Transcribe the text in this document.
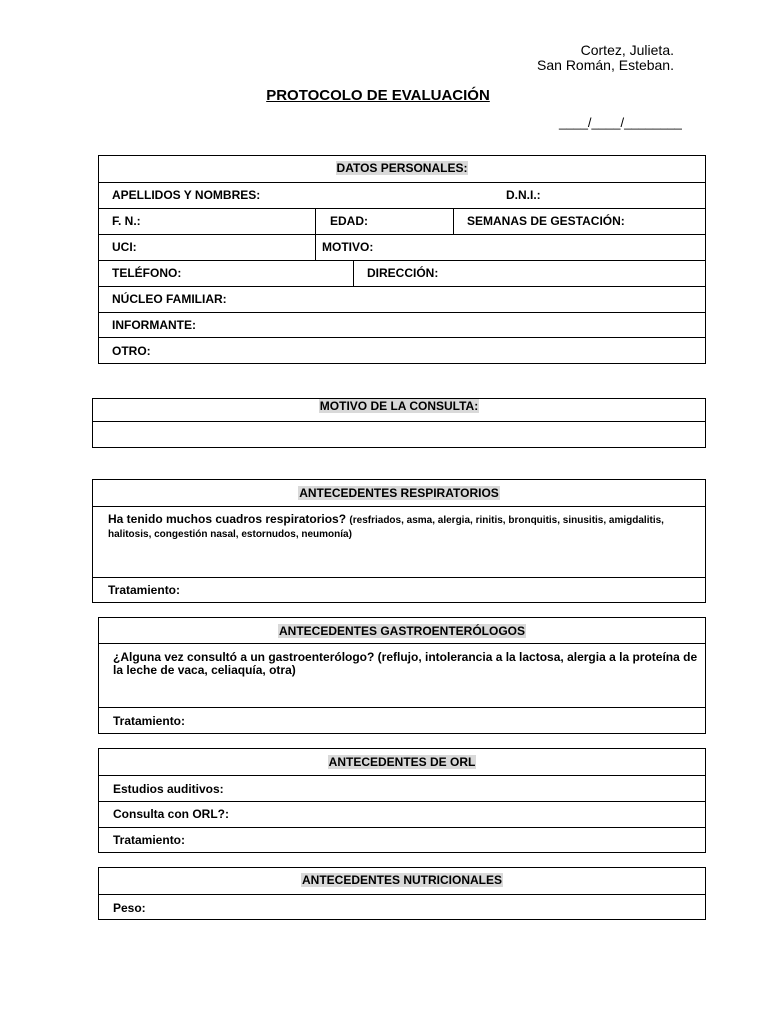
Cortez, Julieta.
San Román, Esteban.
PROTOCOLO DE EVALUACIÓN
____/____/________
DATOS PERSONALES:
APELLIDOS Y NOMBRES:	D.N.I.:
F. N.:	EDAD:	SEMANAS DE GESTACIÓN:
UCI:	MOTIVO:
TELÉFONO:	DIRECCIÓN:
NÚCLEO FAMILIAR:
INFORMANTE:
OTRO:
MOTIVO DE LA CONSULTA:
ANTECEDENTES RESPIRATORIOS
Ha tenido muchos cuadros respiratorios? (resfriados, asma, alergia, rinitis, bronquitis, sinusitis, amigdalitis, halitosis, congestión nasal, estornudos, neumonía)
Tratamiento:
ANTECEDENTES GASTROENTERÓLOGOS
¿Alguna vez consultó a un gastroenterólogo? (reflujo, intolerancia a la lactosa, alergia a la proteína de la leche de vaca, celiaquía, otra)
Tratamiento:
ANTECEDENTES DE ORL
Estudios auditivos:
Consulta con ORL?:
Tratamiento:
ANTECEDENTES NUTRICIONALES
Peso:
